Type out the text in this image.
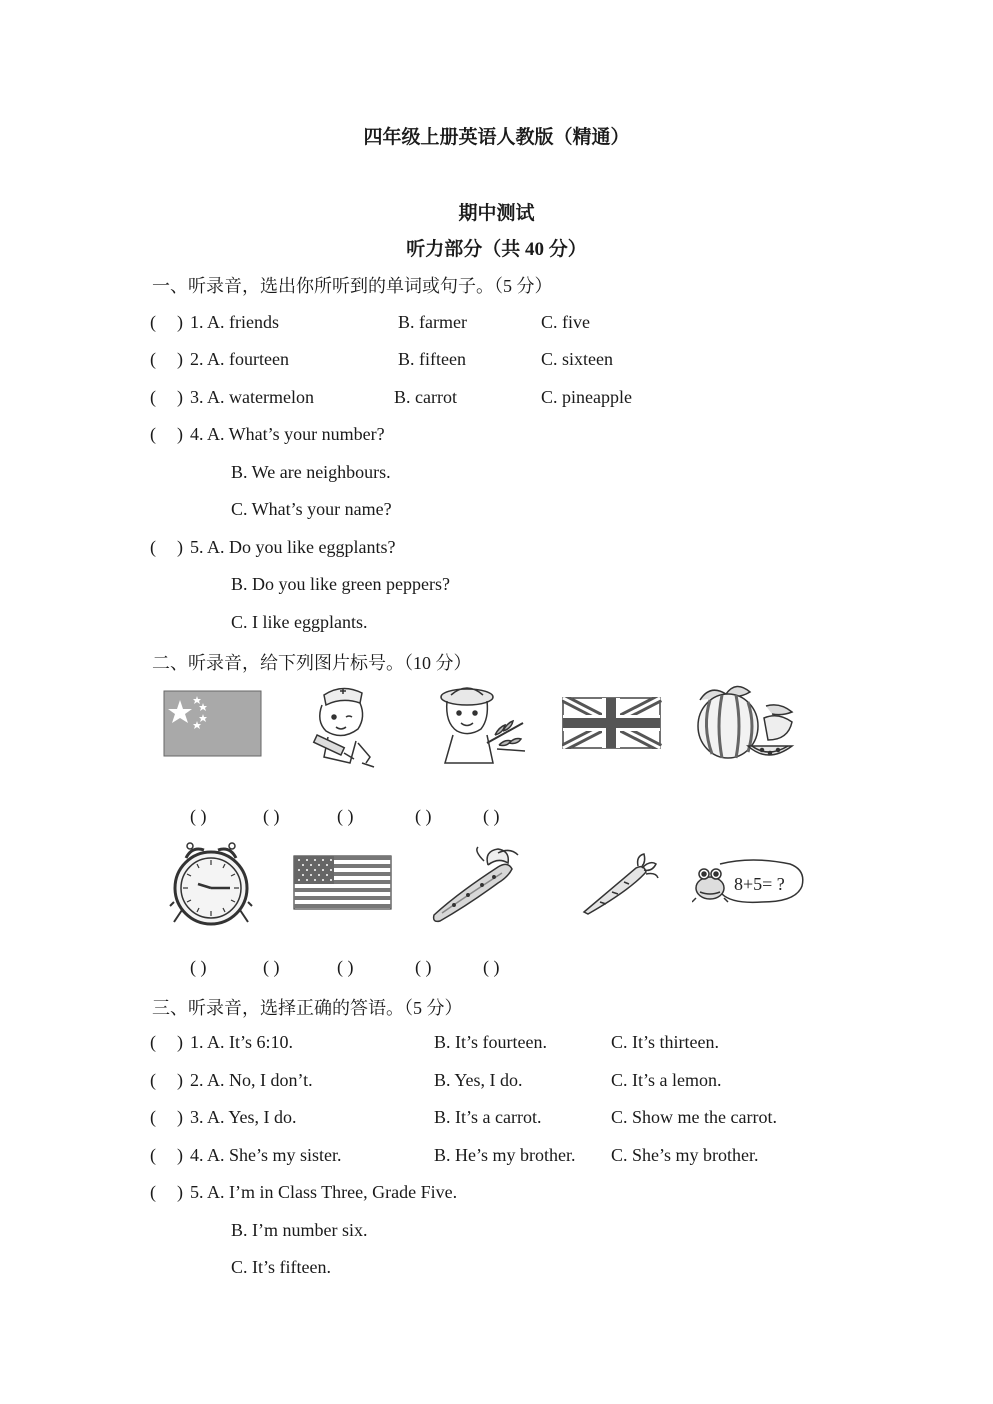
四年级上册英语人教版（精通）
期中测试
听力部分（共 40 分）
一、听录音，选出你所听到的单词或句子。（5 分）
( ) 1. A. friends	B. farmer	C. five
( ) 2. A. fourteen	B. fifteen	C. sixteen
( ) 3. A. watermelon	B. carrot	C. pineapple
( ) 4. A. What’s your number?
B. We are neighbours.
C. What’s your name?
( ) 5. A. Do you like eggplants?
B. Do you like green peppers?
C. I like eggplants.
二、听录音，给下列图片标号。（10 分）
( )	( )	( )	( )	( )
8+5= ?
( )	( )	( )	( )	( )
三、听录音，选择正确的答语。（5 分）
( ) 1. A. It’s 6:10.	B. It’s fourteen.	C. It’s thirteen.
( ) 2. A. No, I don’t.	B. Yes, I do.	C. It’s a lemon.
( ) 3. A. Yes, I do.	B. It’s a carrot.	C. Show me the carrot.
( ) 4. A. She’s my sister.	B. He’s my brother. C. She’s my brother.
( ) 5. A. I’m in Class Three, Grade Five.
B. I’m number six.
C. It’s fifteen.
